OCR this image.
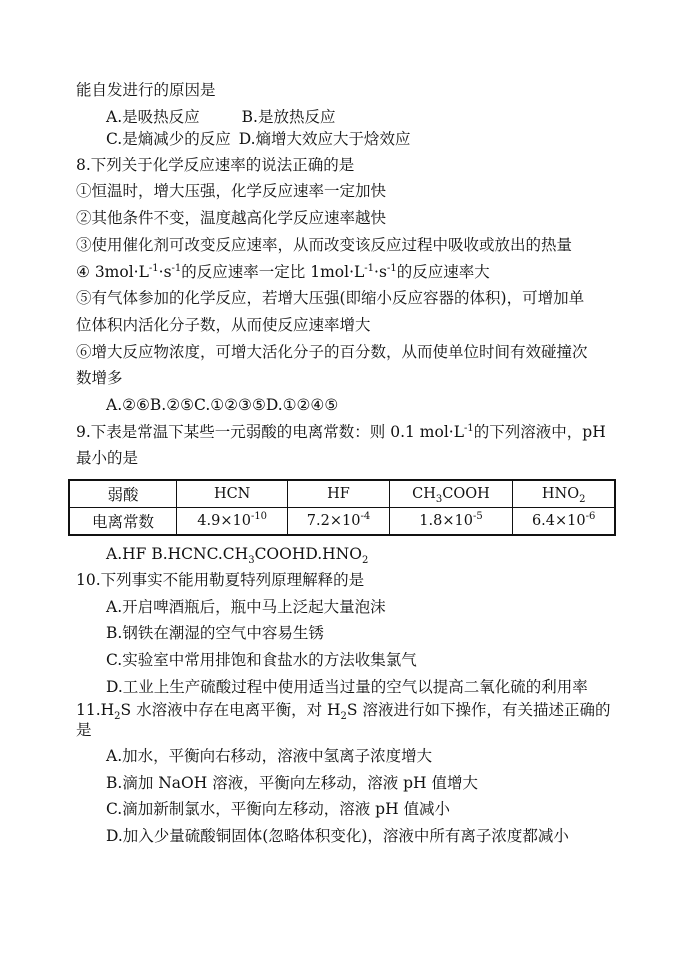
能自发进行的原因是
A.是吸热反应	B.是放热反应
C.是熵减少的反应 D.熵增大效应大于焓效应
8.下列关于化学反应速率的说法正确的是
①恒温时，增大压强，化学反应速率一定加快
②其他条件不变，温度越高化学反应速率越快
③使用催化剂可改变反应速率，从而改变该反应过程中吸收或放出的热量
④ $3mol\cdot L^{-1}\cdot s^{-1}$的反应速率一定比 $1mol\cdot L^{-1}\cdot s^{-1}$的反应速率大
⑤有气体参加的化学反应，若增大压强(即缩小反应容器的体积)，可增加单
位体积内活化分子数，从而使反应速率增大
⑥增大反应物浓度，可增大活化分子的百分数，从而使单位时间有效碰撞次
数增多
A.②⑥B.②⑤C.①②③⑤D.①②④⑤
9.下表是常温下某些一元弱酸的电离常数：则 0.1 $mol\cdot L^{-1}$的下列溶液中，pH
最小的是
弱酸	HCN	HF	$CH_3COOH$	$HNO_2$
电离常数	$4.9\times 10^{-10}$	$7.2\times 10^{-4}$	$1.8\times 10^{-5}$	$6.4\times 10^{-6}$
A.HF $B.HCNC.CH_3COOHD.HNO_2$
10.下列事实不能用勒夏特列原理解释的是
A.开启啤酒瓶后，瓶中马上泛起大量泡沫
B.钢铁在潮湿的空气中容易生锈
C.实验室中常用排饱和食盐水的方法收集氯气
D.工业上生产硫酸过程中使用适当过量的空气以提高二氧化硫的利用率
$11.H_2S$ 水溶液中存在电离平衡，对 $H_2S$ 溶液进行如下操作，有关描述正确的
是
A.加水，平衡向右移动，溶液中氢离子浓度增大
B.滴加 NaOH 溶液，平衡向左移动，溶液 pH 值增大
C.滴加新制氯水，平衡向左移动，溶液 pH 值减小
D.加入少量硫酸铜固体(忽略体积变化)，溶液中所有离子浓度都减小
